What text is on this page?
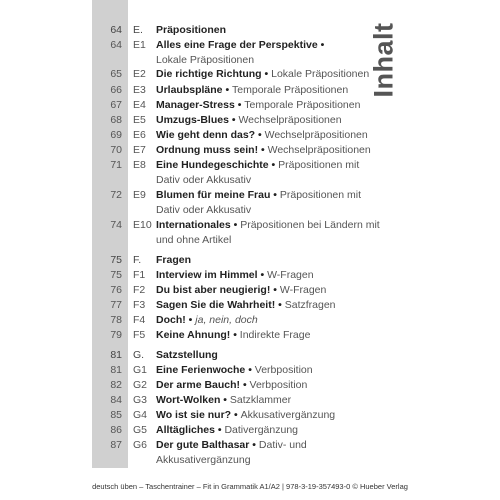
Inhalt
64 E.	Präpositionen
64 E1 Alles eine Frage der Perspektive •
Lokale Präpositionen
65 E2 Die richtige Richtung • Lokale Präpositionen
66 E3 Urlaubspläne • Temporale Präpositionen
67 E4 Manager-Stress • Temporale Präpositionen
68 E5 Umzugs-Blues • Wechselpräpositionen
69 E6 Wie geht denn das? • Wechselpräpositionen
70 E7 Ordnung muss sein! • Wechselpräpositionen
71 E8 Eine Hundegeschichte • Präpositionen mit Dativ oder Akkusativ
72 E9 Blumen für meine Frau • Präpositionen mit Dativ oder Akkusativ
74 E10 Internationales • Präpositionen bei Ländern mit und ohne Artikel
75 F.	Fragen
75 F1	Interview im Himmel • W-Fragen
76 F2	Du bist aber neugierig! • W-Fragen
77 F3	Sagen Sie die Wahrheit! • Satzfragen
78 F4	Doch! • ja, nein, doch
79 F5	Keine Ahnung! • Indirekte Frage
81 G.	Satzstellung
81 G1 Eine Ferienwoche • Verbposition
82 G2 Der arme Bauch! • Verbposition
84 G3 Wort-Wolken • Satzklammer
85 G4 Wo ist sie nur? • Akkusativergänzung
86 G5 Alltägliches • Dativergänzung
87 G6 Der gute Balthasar • Dativ- und Akkusativergänzung
deutsch üben – Taschentrainer – Fit in Grammatik A1/A2 | 978-3-19-357493-0 © Hueber Verlag
